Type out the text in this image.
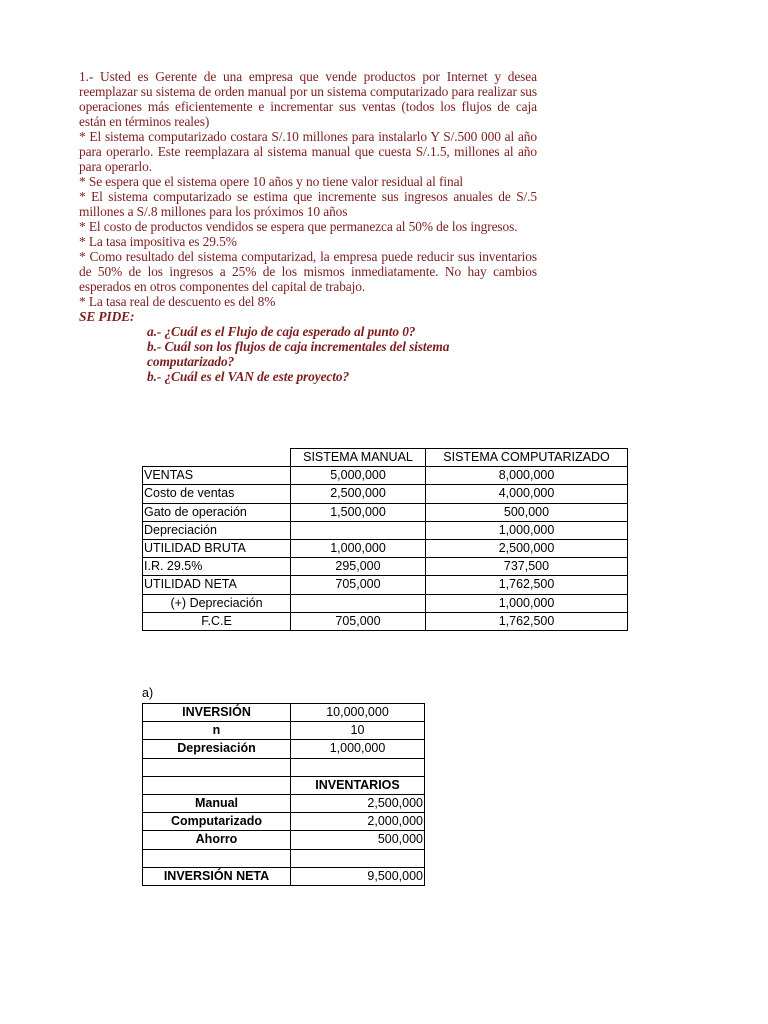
1.- Usted es Gerente de una empresa que vende productos por Internet y desea reemplazar su sistema de orden manual por un sistema computarizado para realizar sus operaciones más eficientemente e incrementar sus ventas (todos los flujos de caja están en términos reales)

* El sistema computarizado costara S/.10 millones para instalarlo Y S/.500 000 al año para operarlo. Este reemplazara al sistema manual que cuesta S/.1.5, millones al año para operarlo.

* Se espera que el sistema opere 10 años y no tiene valor residual al final

* El sistema computarizado se estima que incremente sus ingresos anuales de S/.5 millones a S/.8 millones para los próximos 10 años

* El costo de productos vendidos se espera que permanezca al 50% de los ingresos.

* La tasa impositiva es 29.5%

* Como resultado del sistema computarizad, la empresa puede reducir sus inventarios de 50% de los ingresos a 25% de los mismos inmediatamente. No hay cambios esperados en otros componentes del capital de trabajo.

* La tasa real de descuento es del 8%

SE PIDE:

a.- ¿Cuál es el Flujo de caja esperado al punto 0?

b.- Cuál son los flujos de caja incrementales del sistema computarizado?

b.- ¿Cuál es el VAN de este proyecto?

	SISTEMA MANUAL	SISTEMA COMPUTARIZADO
VENTAS	5,000,000	8,000,000
Costo de ventas	2,500,000	4,000,000
Gato de operación	1,500,000	500,000
Depreciación		1,000,000
UTILIDAD BRUTA	1,000,000	2,500,000
I.R. 29.5%	295,000	737,500
UTILIDAD NETA	705,000	1,762,500
(+) Depreciación		1,000,000
F.C.E	705,000	1,762,500
a)
INVERSIÓN	10,000,000
n	10
Depresiación	1,000,000

	INVENTARIOS
Manual	2,500,000
Computarizado	2,000,000
Ahorro	500,000

INVERSIÓN NETA	9,500,000
